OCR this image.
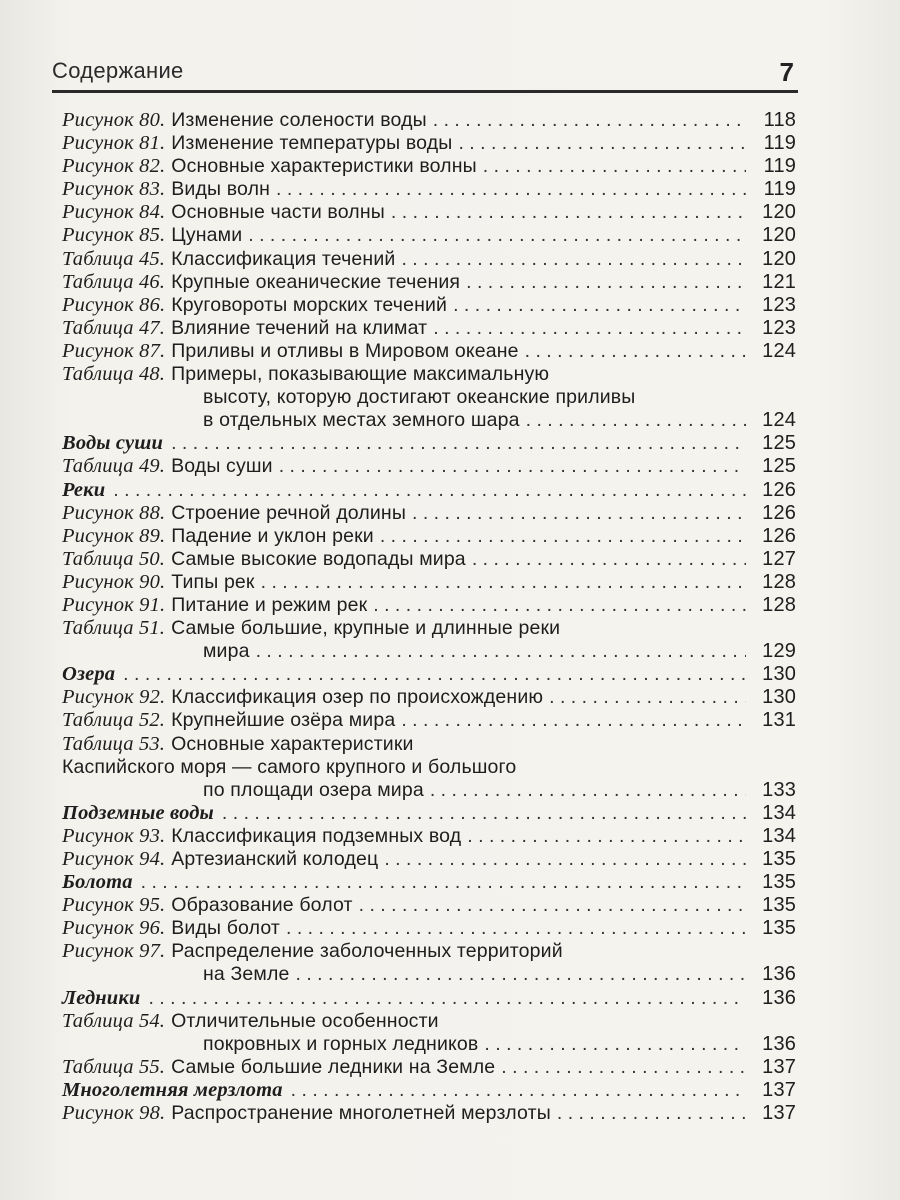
Содержание	7
Рисунок 80. Изменение солености воды . . .	118
Рисунок 81. Изменение температуры воды . . .	119
Рисунок 82. Основные характеристики волны . . .	119
Рисунок 83. Виды волн . . .	119
Рисунок 84. Основные части волны . . .	120
Рисунок 85. Цунами . . .	120
Таблица 45. Классификация течений . . .	120
Таблица 46. Крупные океанические течения . . .	121
Рисунок 86. Круговороты морских течений . . .	123
Таблица 47. Влияние течений на климат . . .	123
Рисунок 87. Приливы и отливы в Мировом океане . . .	124
Таблица 48. Примеры, показывающие максимальную
высоту, которую достигают океанские приливы
в отдельных местах земного шара . . .	124
Воды суши . . .	125
Таблица 49. Воды суши . . .	125
Реки . . .	126
Рисунок 88. Строение речной долины . . .	126
Рисунок 89. Падение и уклон реки . . .	126
Таблица 50. Самые высокие водопады мира . . .	127
Рисунок 90. Типы рек . . .	128
Рисунок 91. Питание и режим рек . . .	128
Таблица 51. Самые большие, крупные и длинные реки
мира . . .	129
Озера . . .	130
Рисунок 92. Классификация озер по происхождению . . .	130
Таблица 52. Крупнейшие озёра мира . . .	131
Таблица 53. Основные характеристики
Каспийского моря — самого крупного и большого
по площади озера мира . . .	133
Подземные воды . . .	134
Рисунок 93. Классификация подземных вод . . .	134
Рисунок 94. Артезианский колодец . . .	135
Болота . . .	135
Рисунок 95. Образование болот . . .	135
Рисунок 96. Виды болот . . .	135
Рисунок 97. Распределение заболоченных территорий
на Земле . . .	136
Ледники . . .	136
Таблица 54. Отличительные особенности
покровных и горных ледников . . .	136
Таблица 55. Самые большие ледники на Земле . . .	137
Многолетняя мерзлота . . .	137
Рисунок 98. Распространение многолетней мерзлоты . . .	137
